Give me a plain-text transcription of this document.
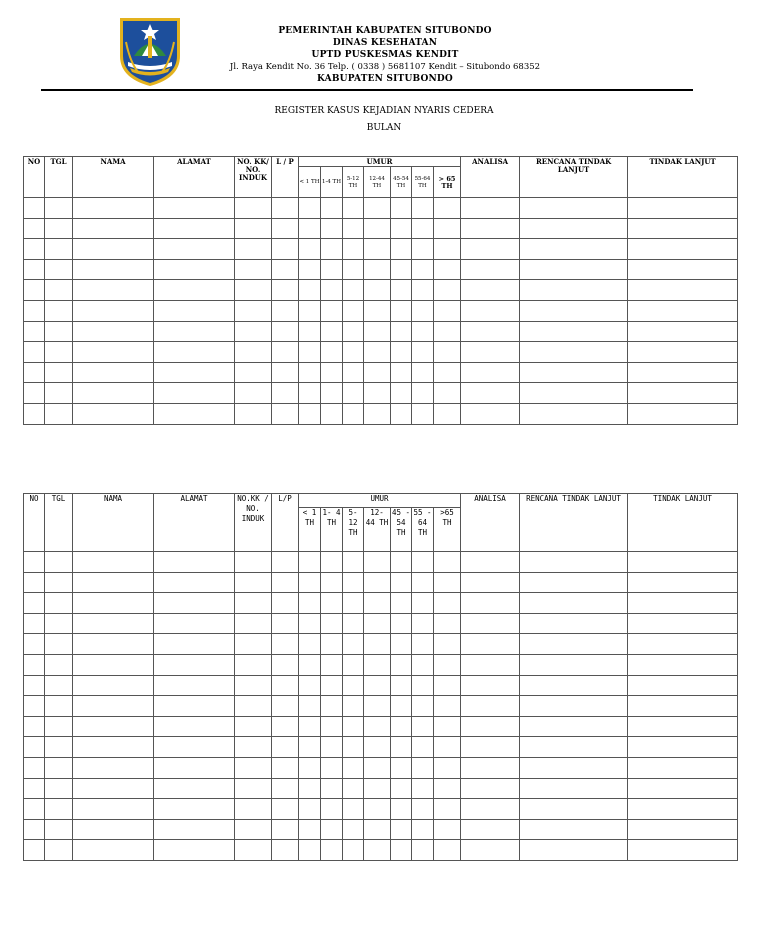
PEMERINTAH KABUPATEN SITUBONDO
DINAS KESEHATAN
UPTD PUSKESMAS KENDIT
Jl. Raya Kendit No. 36 Telp. ( 0338 ) 5681107 Kendit – Situbondo 68352
KABUPATEN SITUBONDO
REGISTER KASUS KEJADIAN NYARIS CEDERA
BULAN
NO	TGL	NAMA	ALAMAT	NO. KK/ NO. INDUK	L / P	UMUR							ANALISA	RENCANA TINDAK LANJUT	TINDAK LANJUT
						< 1 TH	1-4 TH	5-12 TH	12-44 TH	45-54 TH	55-64 TH	> 65 TH			

NO	TGL	NAMA	ALAMAT	NO.KK / NO. INDUK	L/P	UMUR							ANALISA	RENCANA TINDAK LANJUT	TINDAK LANJUT
						< 1 TH	1- 4 TH	5- 12 TH	12- 44 TH	45 - 54 TH	55 - 64 TH	>65 TH			
